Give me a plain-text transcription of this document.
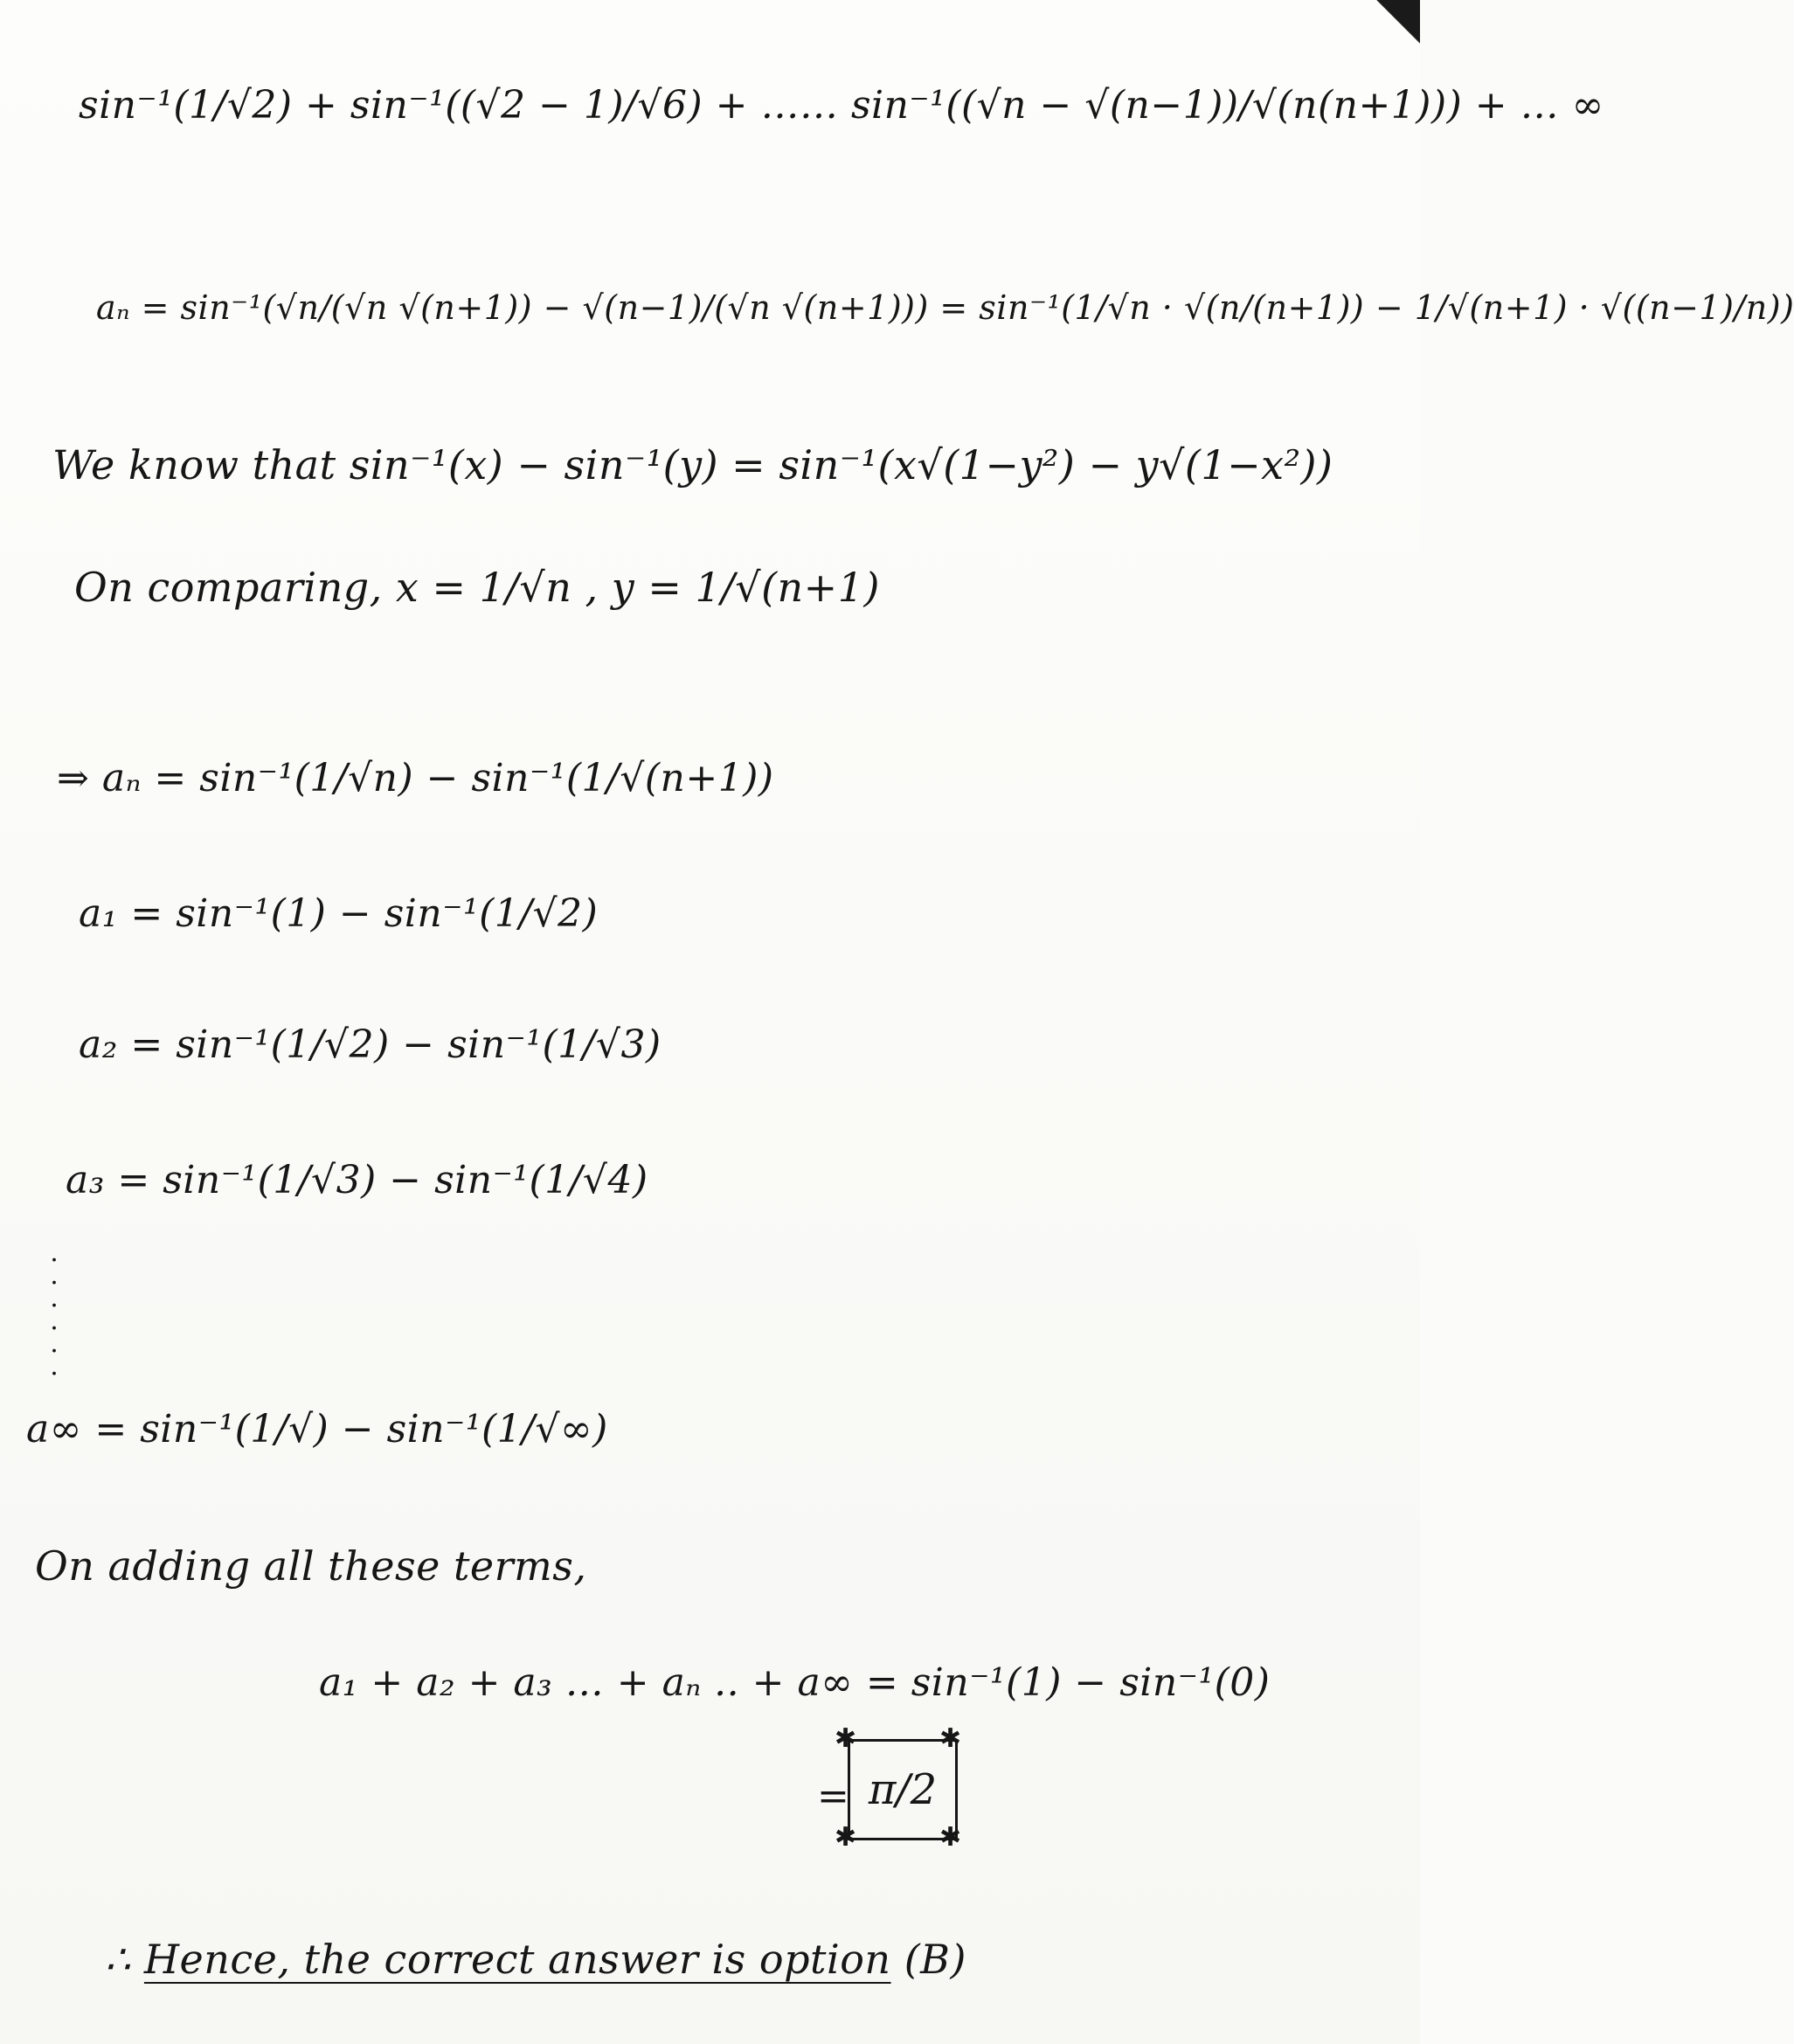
sin⁻¹(1/√2) + sin⁻¹((√2 − 1)/√6) + …… sin⁻¹((√n − √(n−1))/√(n(n+1))) + … ∞
aₙ = sin⁻¹(√n/(√n √(n+1)) − √(n−1)/(√n √(n+1))) = sin⁻¹(1/√n · √(n/(n+1)) − 1/√(n+1) · √((n−1)/n))
We know that sin⁻¹(x) − sin⁻¹(y) = sin⁻¹(x√(1−y²) − y√(1−x²))
On comparing, x = 1/√n , y = 1/√(n+1)
⇒ aₙ = sin⁻¹(1/√n) − sin⁻¹(1/√(n+1))
a₁ = sin⁻¹(1) − sin⁻¹(1/√2)
a₂ = sin⁻¹(1/√2) − sin⁻¹(1/√3)
a₃ = sin⁻¹(1/√3) − sin⁻¹(1/√4)
·
·
·
·
·
·
a∞ = sin⁻¹(1/√) − sin⁻¹(1/√∞)
On adding all these terms,
a₁ + a₂ + a₃ … + aₙ .. + a∞ = sin⁻¹(1) − sin⁻¹(0)
= π/2
✱	✱
✱	✱
∴ Hence, the correct answer is option (B)
